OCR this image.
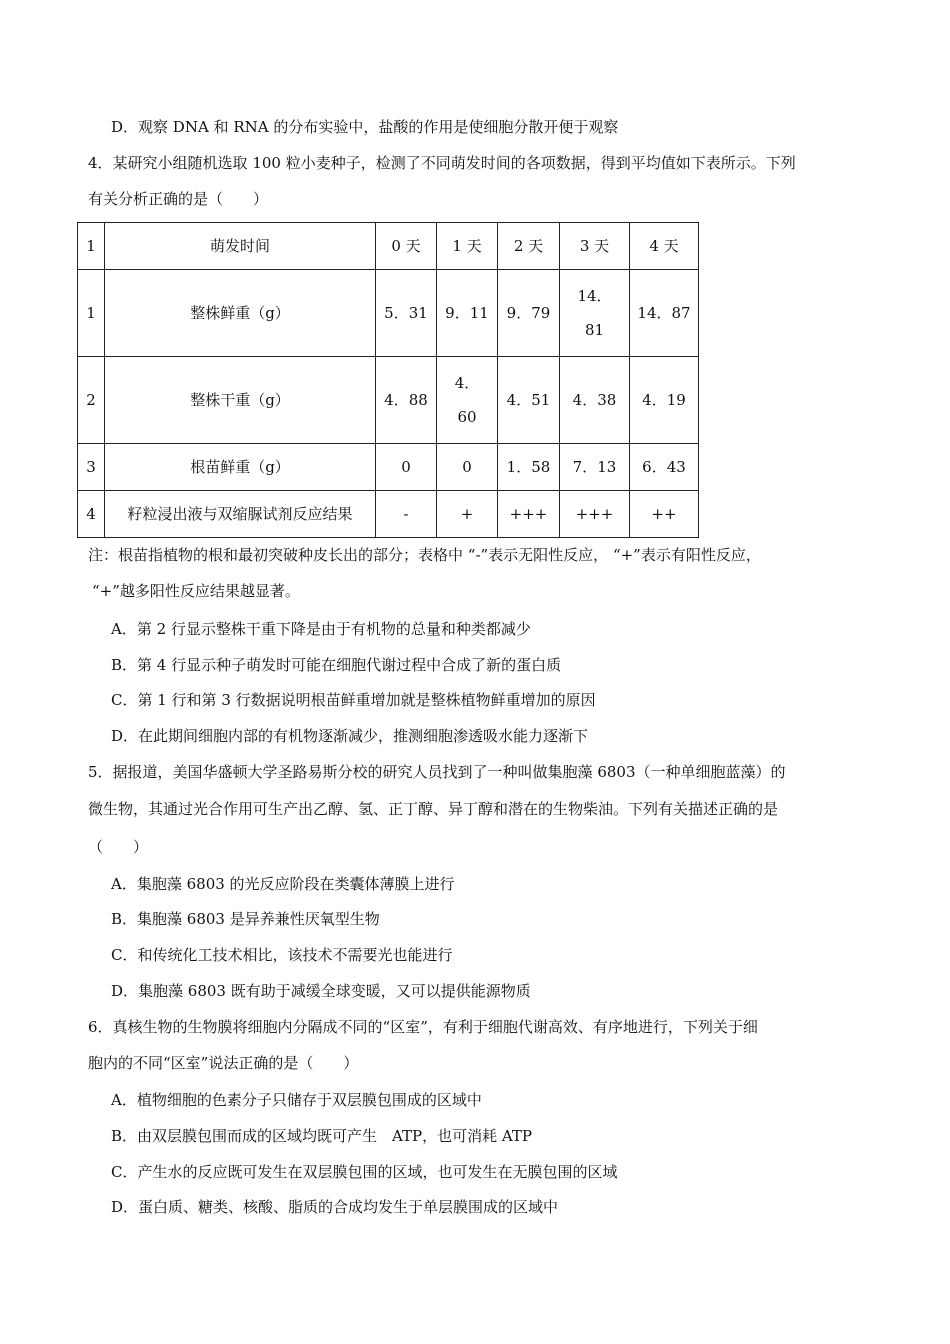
D．观察 DNA 和 RNA 的分布实验中，盐酸的作用是使细胞分散开便于观察
4．某研究小组随机选取 100 粒小麦种子，检测了不同萌发时间的各项数据，得到平均值如下表所示。下列
有关分析正确的是（　　）
1	萌发时间	0 天	1 天	2 天	3 天	4 天
1	整株鲜重（g）	5．31	9．11	9．79	14．81	14．87
2	整株干重（g）	4．88	4．60	4．51	4．38	4．19
3	根苗鲜重（g）	0	0	1．58	7．13	6．43
4	籽粒浸出液与双缩脲试剂反应结果	-	+	+++	+++	++
注：根苗指植物的根和最初突破种皮长出的部分；表格中 “-”表示无阳性反应， “+”表示有阳性反应，
“+”越多阳性反应结果越显著。
A．第 2 行显示整株干重下降是由于有机物的总量和种类都减少
B．第 4 行显示种子萌发时可能在细胞代谢过程中合成了新的蛋白质
C．第 1 行和第 3 行数据说明根苗鲜重增加就是整株植物鲜重增加的原因
D．在此期间细胞内部的有机物逐渐减少，推测细胞渗透吸水能力逐渐下
5．据报道，美国华盛顿大学圣路易斯分校的研究人员找到了一种叫做集胞藻 6803（一种单细胞蓝藻）的
微生物，其通过光合作用可生产出乙醇、氢、正丁醇、异丁醇和潜在的生物柴油。下列有关描述正确的是
（　　）
A．集胞藻 6803 的光反应阶段在类囊体薄膜上进行
B．集胞藻 6803 是异养兼性厌氧型生物
C．和传统化工技术相比，该技术不需要光也能进行
D．集胞藻 6803 既有助于减缓全球变暖，又可以提供能源物质
6．真核生物的生物膜将细胞内分隔成不同的“区室”，有利于细胞代谢高效、有序地进行，下列关于细
胞内的不同“区室”说法正确的是（　　）
A．植物细胞的色素分子只储存于双层膜包围成的区域中
B．由双层膜包围而成的区域均既可产生　ATP，也可消耗 ATP
C．产生水的反应既可发生在双层膜包围的区域，也可发生在无膜包围的区域
D．蛋白质、糖类、核酸、脂质的合成均发生于单层膜围成的区域中
